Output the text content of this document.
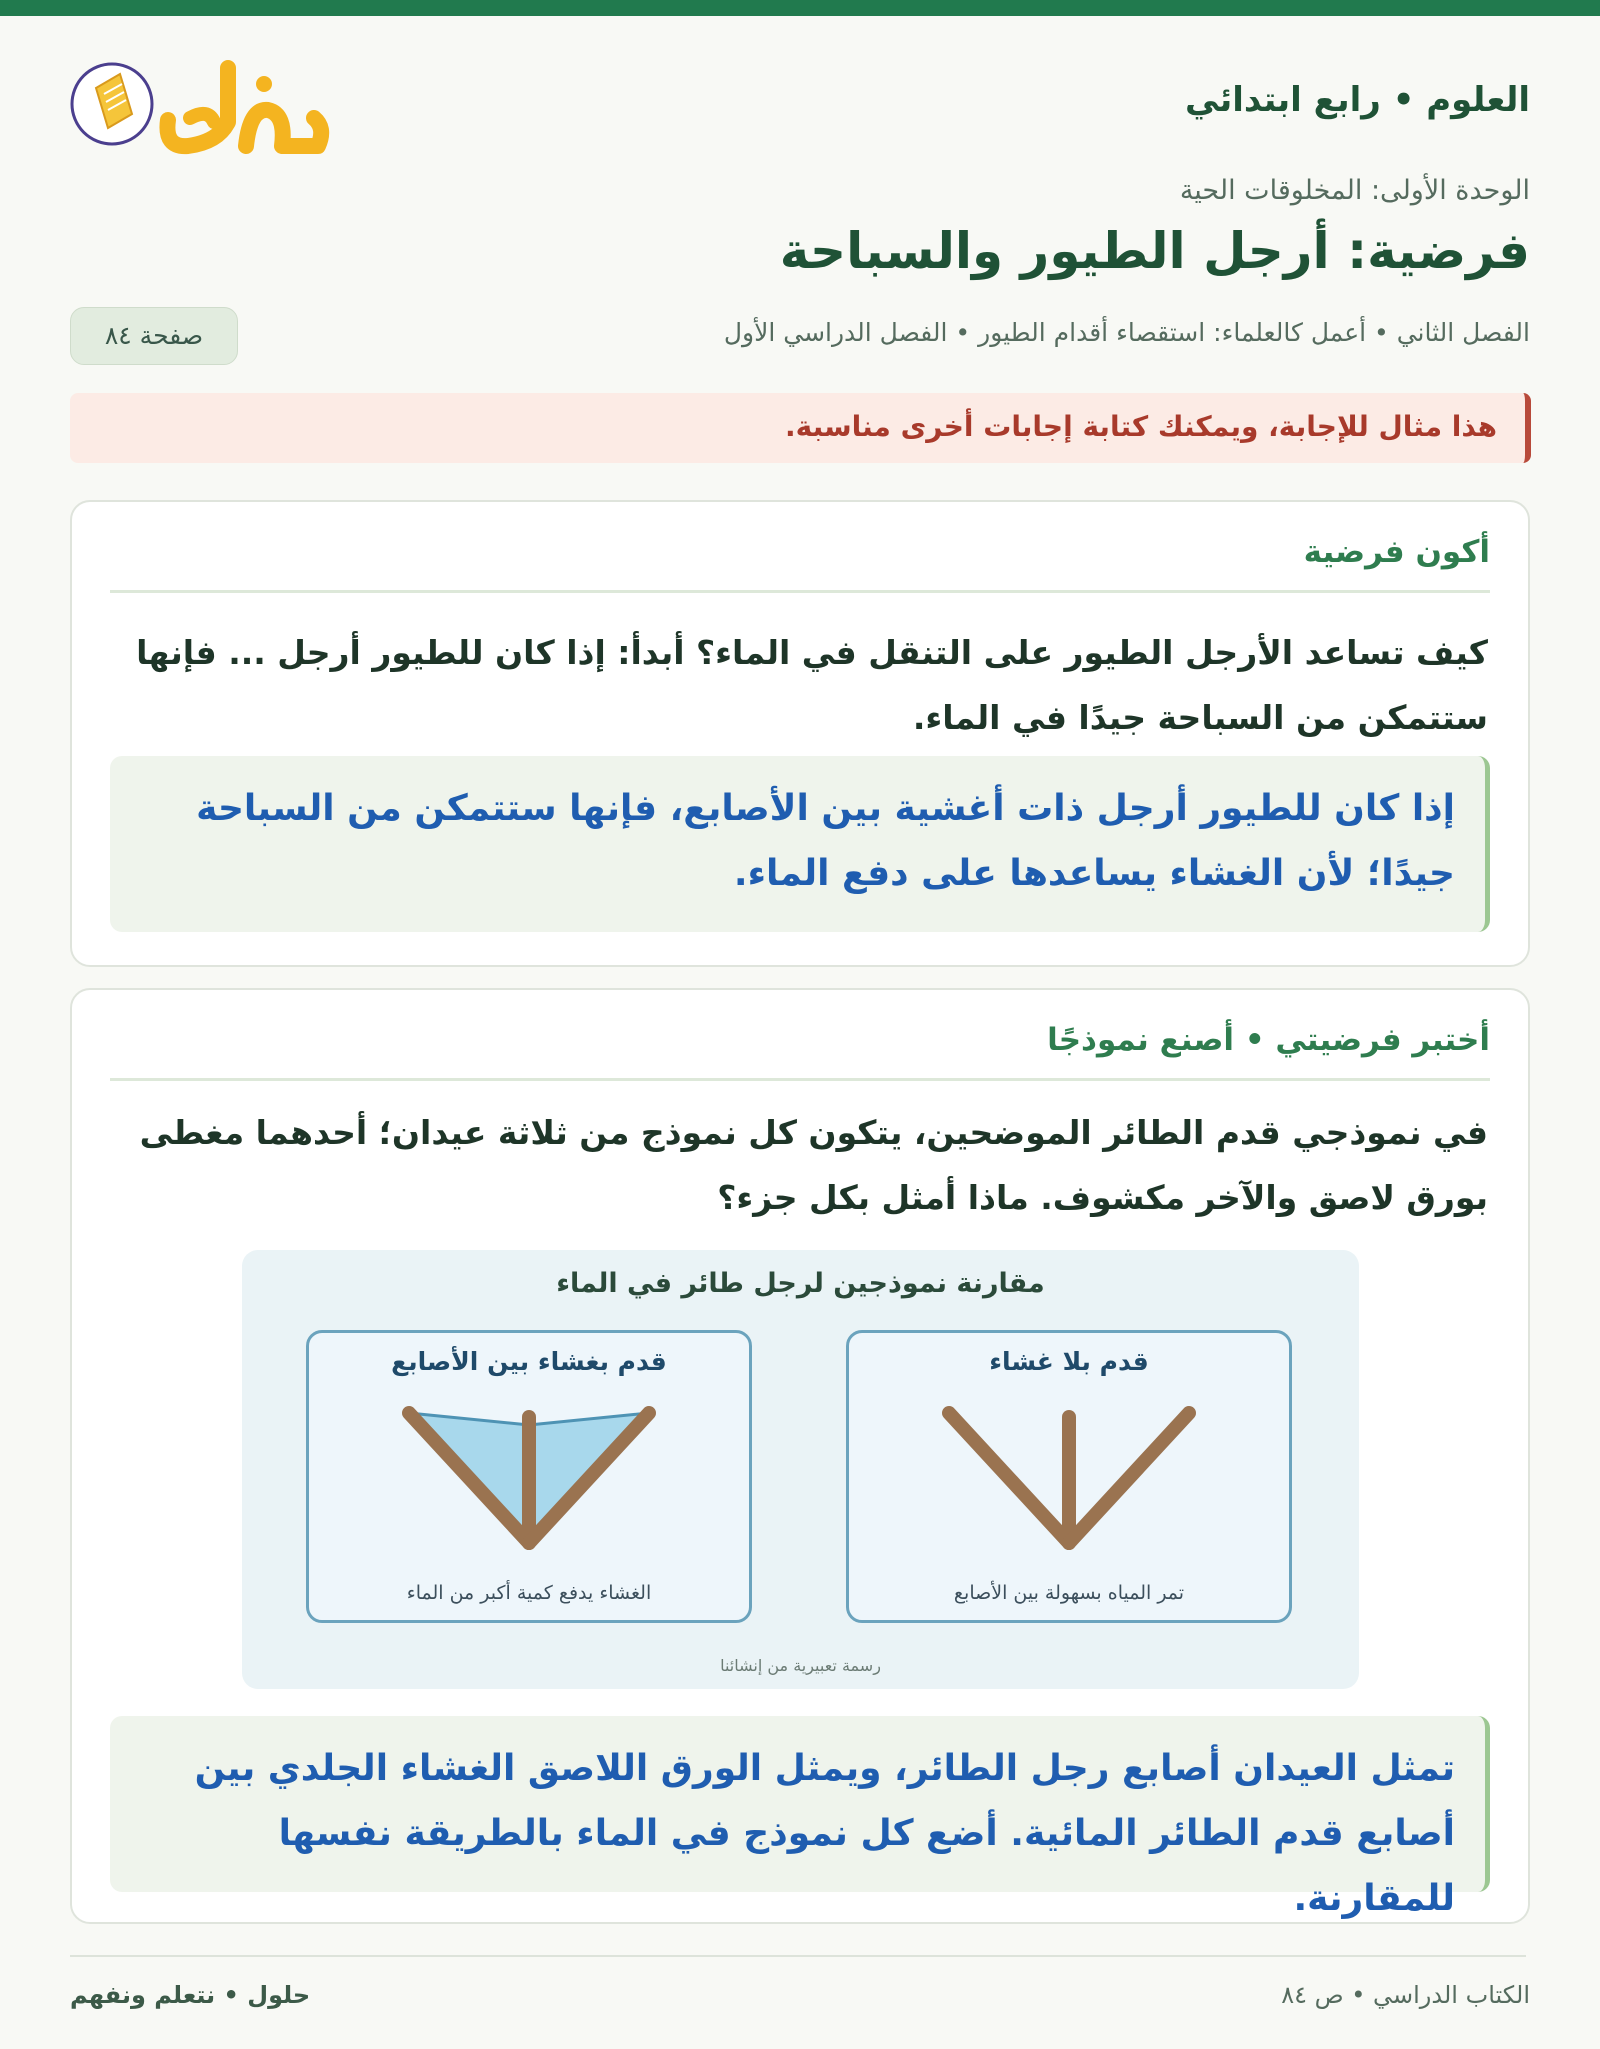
العلوم • رابع ابتدائي
الوحدة الأولى: المخلوقات الحية
فرضية: أرجل الطيور والسباحة
الفصل الثاني • أعمل كالعلماء: استقصاء أقدام الطيور • الفصل الدراسي الأول
صفحة ٨٤
هذا مثال للإجابة، ويمكنك كتابة إجابات أخرى مناسبة.
أكون فرضية
كيف تساعد الأرجل الطيور على التنقل في الماء؟ أبدأ: إذا كان للطيور أرجل ... فإنها ستتمكن من السباحة جيدًا في الماء.
إذا كان للطيور أرجل ذات أغشية بين الأصابع، فإنها ستتمكن من السباحة جيدًا؛ لأن الغشاء يساعدها على دفع الماء.
أختبر فرضيتي • أصنع نموذجًا
في نموذجي قدم الطائر الموضحين، يتكون كل نموذج من ثلاثة عيدان؛ أحدهما مغطى بورق لاصق والآخر مكشوف. ماذا أمثل بكل جزء؟
مقارنة نموذجين لرجل طائر في الماء
قدم بلا غشاء
تمر المياه بسهولة بين الأصابع
قدم بغشاء بين الأصابع
الغشاء يدفع كمية أكبر من الماء
رسمة تعبيرية من إنشائنا
تمثل العيدان أصابع رجل الطائر، ويمثل الورق اللاصق الغشاء الجلدي بين أصابع قدم الطائر المائية. أضع كل نموذج في الماء بالطريقة نفسها للمقارنة.
الكتاب الدراسي • ص ٨٤
حلول • نتعلم ونفهم
